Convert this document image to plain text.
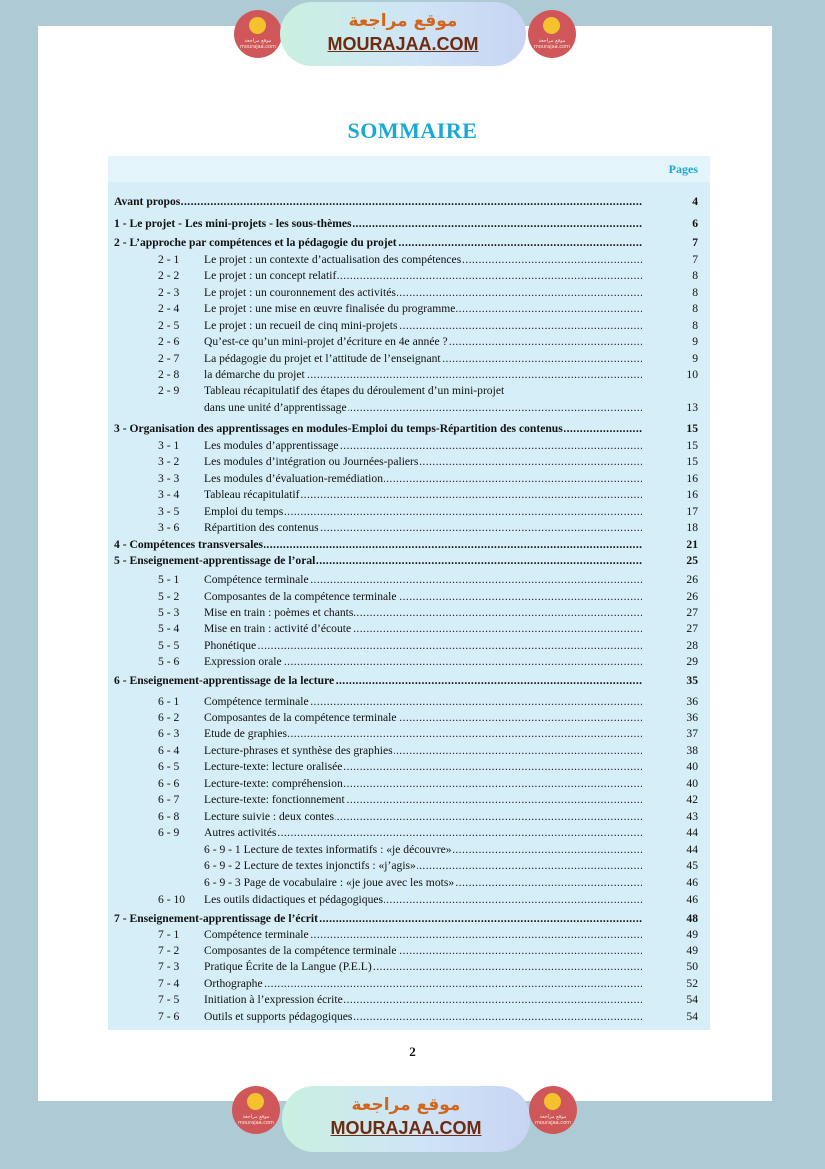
موقع مراجعة mourajaa.com
موقع مراجعة
MOURAJAA.COM	موقع مراجعة mourajaa.com
SOMMAIRE
Pages
.....
Avant propos	4
.....
1 - Le projet - Les mini-projets - les sous-thèmes	6
.....
2 - L’approche par compétences et la pédagogie du projet	7
2 - 1 ..... Le projet : un contexte d’actualisation des compétences	7
2 - 2 ..... Le projet : un concept relatif	8
2 - 3 ..... Le projet : un couronnement des activités	8
2 - 4 ..... Le projet : une mise en œuvre finalisée du programme	8
2 - 5 ..... Le projet : un recueil de cinq mini-projets	8
2 - 6 ..... Qu’est-ce qu’un mini-projet d’écriture en 4e année ?	9
2 - 7 ..... La pédagogie du projet et l’attitude de l’enseignant	9
2 - 8 ..... la démarche du projet	10
2 - 9 Tableau récapitulatif des étapes du déroulement d’un mini-projet
.....
dans une unité d’apprentissage	13
.....
3 - Organisation des apprentissages en modules-Emploi du temps-Répartition des contenus	15
3 - 1 ..... Les modules d’apprentissage	15
3 - 2 ..... Les modules d’intégration ou Journées-paliers	15
3 - 3 ..... Les modules d’évaluation-remédiation	16
3 - 4 ..... Tableau récapitulatif	16
3 - 5 ..... Emploi du temps	17
3 - 6 ..... Répartition des contenus	18
.....
4 - Compétences transversales	21
.....
5 - Enseignement-apprentissage de l’oral	25
5 - 1 ..... Compétence terminale	26
5 - 2 ..... Composantes de la compétence terminale	26
5 - 3 ..... Mise en train : poèmes et chants	27
5 - 4 ..... Mise en train : activité d’écoute	27
5 - 5 ..... Phonétique	28
5 - 6 ..... Expression orale	29
.....
6 - Enseignement-apprentissage de la lecture	35
6 - 1 ..... Compétence terminale	36
6 - 2 ..... Composantes de la compétence terminale	36
6 - 3 ..... Etude de graphies	37
6 - 4 ..... Lecture-phrases et synthèse des graphies	38
6 - 5 ..... Lecture-texte: lecture oralisée	40
6 - 6 ..... Lecture-texte: compréhension	40
6 - 7 ..... Lecture-texte: fonctionnement	42
6 - 8 ..... Lecture suivie : deux contes	43
6 - 9 ..... Autres activités	44
.....
6 - 9 - 1 Lecture de textes informatifs : «je découvre»	44
.....
6 - 9 - 2 Lecture de textes injonctifs : «j’agis»	45
.....
6 - 9 - 3 Page de vocabulaire : «je joue avec les mots»	46
6 - 10 ..... Les outils didactiques et pédagogiques	46
.....
7 - Enseignement-apprentissage de l’écrit	48
7 - 1 ..... Compétence terminale	49
7 - 2 ..... Composantes de la compétence terminale	49
7 - 3 ..... Pratique Écrite de la Langue (P.E.L)	50
7 - 4 ..... Orthographe	52
7 - 5 ..... Initiation à l’expression écrite	54
7 - 6 ..... Outils et supports pédagogiques	54
2
موقع مراجعة mourajaa.com
موقع مراجعة
MOURAJAA.COM
موقع مراجعة mourajaa.com
